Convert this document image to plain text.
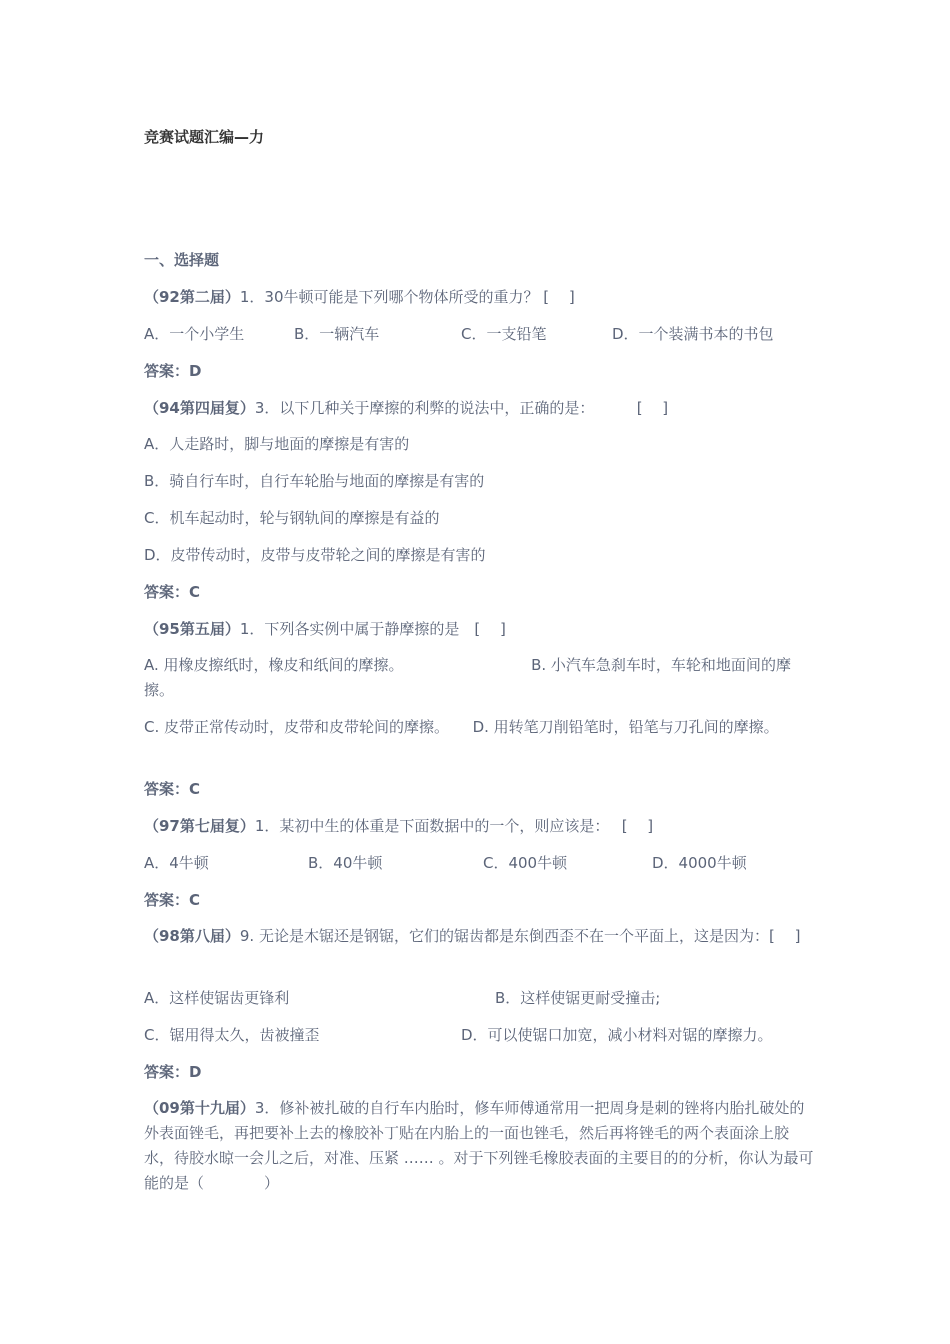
竞赛试题汇编—力
一、选择题
（92第二届）1．30牛顿可能是下列哪个物体所受的重力？ [　 ]
A．一个小学生	B．一辆汽车	C．一支铅笔	D．一个装满书本的书包
答案：D
（94第四届复）3．以下几种关于摩擦的利弊的说法中，正确的是：　　　 [　 ]
A．人走路时，脚与地面的摩擦是有害的
B．骑自行车时，自行车轮胎与地面的摩擦是有害的
C．机车起动时，轮与钢轨间的摩擦是有益的
D．皮带传动时，皮带与皮带轮之间的摩擦是有害的
答案：C
（95第五届）1．下列各实例中属于静摩擦的是　[　 ]
A. 用橡皮擦纸时，橡皮和纸间的摩擦。	B. 小汽车急刹车时，车轮和地面间的摩擦。
C. 皮带正常传动时，皮带和皮带轮间的摩擦。 D. 用转笔刀削铅笔时，铅笔与刀孔间的摩擦。
答案：C
（97第七届复）1．某初中生的体重是下面数据中的一个，则应该是：　 [　 ]
A．4牛顿	B．40牛顿	C．400牛顿	D．4000牛顿
答案：C
（98第八届）9. 无论是木锯还是钢锯，它们的锯齿都是东倒西歪不在一个平面上，这是因为：[　 ]
A．这样使锯齿更锋利	B．这样使锯更耐受撞击;
C．锯用得太久，齿被撞歪	D．可以使锯口加宽，减小材料对锯的摩擦力。
答案：D
（09第十九届）3．修补被扎破的自行车内胎时，修车师傅通常用一把周身是刺的锉将内胎扎破处的外表面锉毛，再把要补上去的橡胶补丁贴在内胎上的一面也锉毛，然后再将锉毛的两个表面涂上胶水，待胶水晾一会儿之后，对准、压紧 …… 。对于下列锉毛橡胶表面的主要目的的分析，你认为最可能的是（　　　　）
